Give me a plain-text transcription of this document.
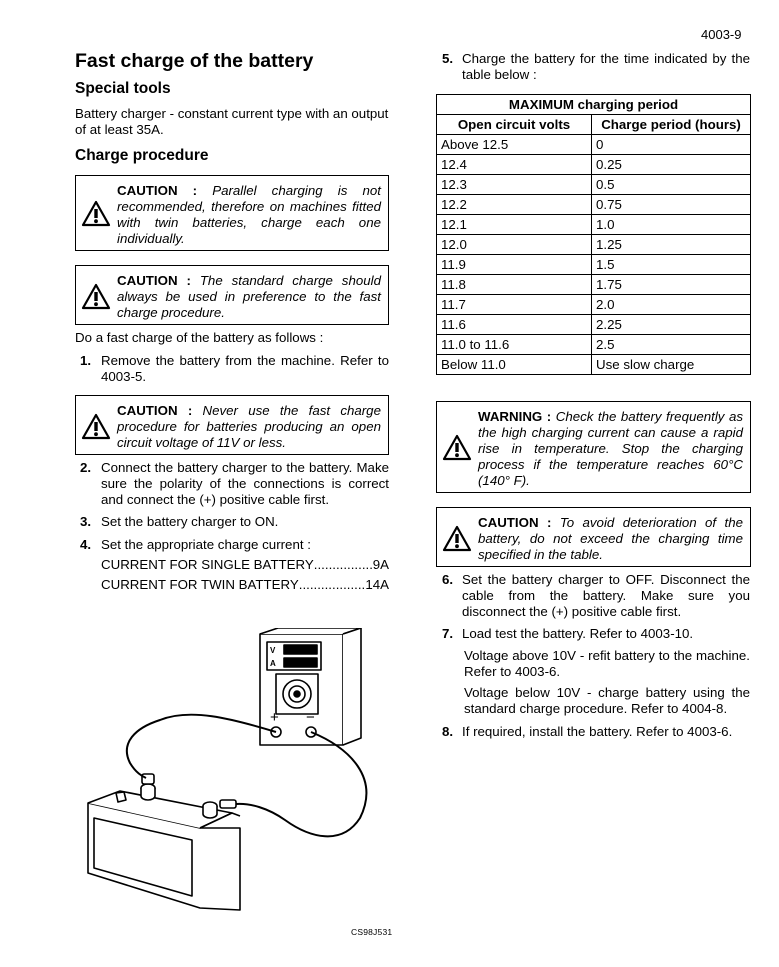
4003-9
Fast charge of the battery
Special tools
Battery charger - constant current type with an output of at least 35A.
Charge procedure
CAUTION : Parallel charging is not recommended, therefore on machines fitted with twin batteries, charge each one individually.
CAUTION : The standard charge should always be used in preference to the fast charge procedure.
Do a fast charge of the battery as follows :
1. Remove the battery from the machine. Refer to 4003-5.
CAUTION : Never use the fast charge procedure for batteries producing an open circuit voltage of 11V or less.
2. Connect the battery charger to the battery. Make sure the polarity of the connections is correct and connect the (+) positive cable first.
3. Set the battery charger to ON.
4. Set the appropriate charge current :
CURRENT FOR SINGLE BATTERY .....	9A
CURRENT FOR TWIN BATTERY .....	14A
V
A
+ −
CS98J531
5. Charge the battery for the time indicated by the table below :
MAXIMUM charging period	
Open circuit volts	Charge period (hours)
Above 12.5	0
12.4	0.25
12.3	0.5
12.2	0.75
12.1	1.0
12.0	1.25
11.9	1.5
11.8	1.75
11.7	2.0
11.6	2.25
11.0 to 11.6	2.5
Below 11.0	Use slow charge
WARNING : Check the battery frequently as the high charging current can cause a rapid rise in temperature. Stop the charging process if the temperature reaches 60°C (140° F).
CAUTION : To avoid deterioration of the battery, do not exceed the charging time specified in the table.
6. Set the battery charger to OFF. Disconnect the cable from the battery. Make sure you disconnect the (+) positive cable first.
7. Load test the battery. Refer to 4003-10.
Voltage above 10V - refit battery to the machine. Refer to 4003-6.
Voltage below 10V - charge battery using the standard charge procedure. Refer to 4004-8.
8. If required, install the battery. Refer to 4003-6.
